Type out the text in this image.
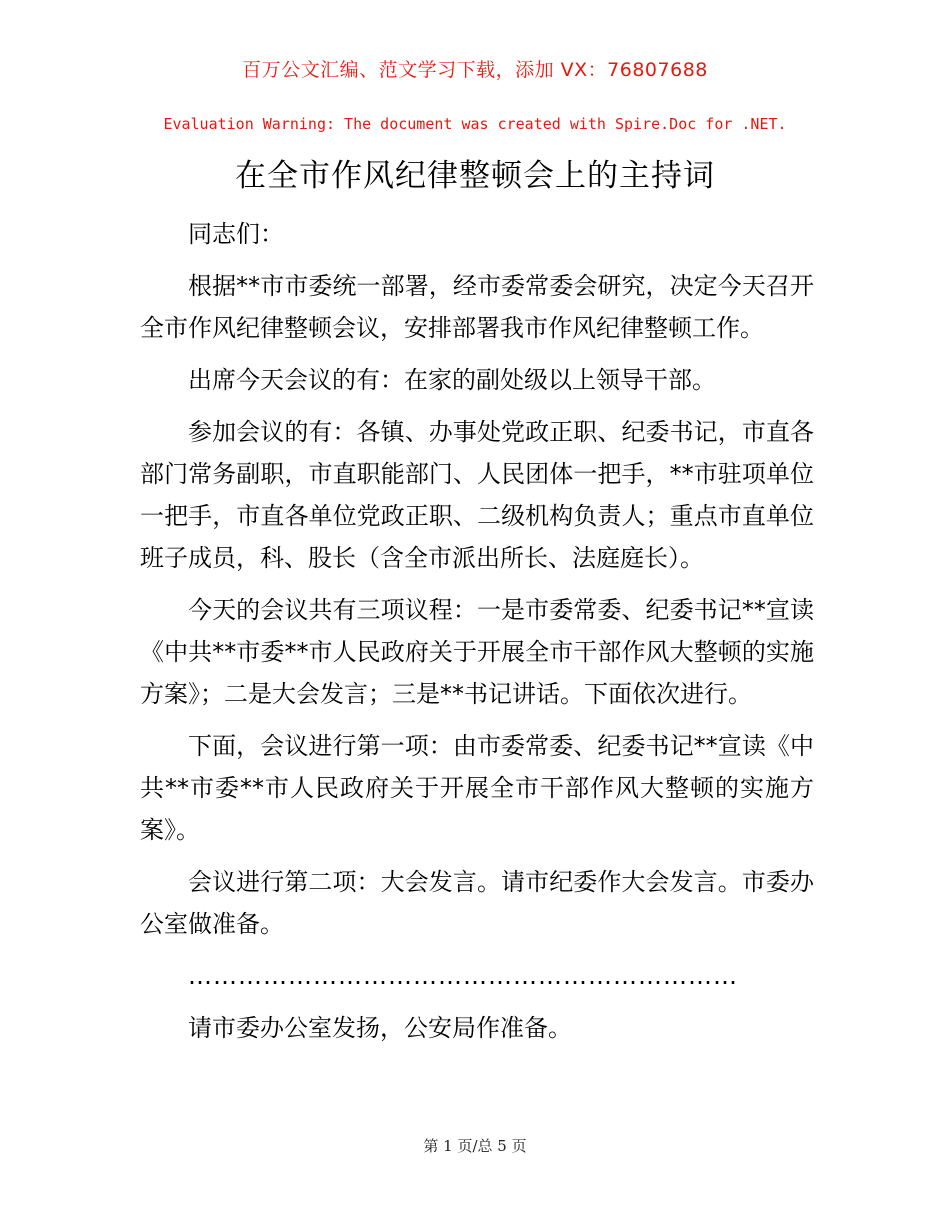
百万公文汇编、范文学习下载，添加 VX：76807688
Evaluation Warning: The document was created with Spire.Doc for .NET.
在全市作风纪律整顿会上的主持词

同志们：

根据**市市委统一部署，经市委常委会研究，决定今天召开全市作风纪律整顿会议，安排部署我市作风纪律整顿工作。

出席今天会议的有：在家的副处级以上领导干部。

参加会议的有：各镇、办事处党政正职、纪委书记，市直各部门常务副职，市直职能部门、人民团体一把手，**市驻项单位一把手，市直各单位党政正职、二级机构负责人；重点市直单位班子成员，科、股长（含全市派出所长、法庭庭长）。

今天的会议共有三项议程：一是市委常委、纪委书记**宣读《中共**市委**市人民政府关于开展全市干部作风大整顿的实施方案》；二是大会发言；三是**书记讲话。下面依次进行。

下面，会议进行第一项：由市委常委、纪委书记**宣读《中共**市委**市人民政府关于开展全市干部作风大整顿的实施方案》。

会议进行第二项：大会发言。请市纪委作大会发言。市委办公室做准备。

…………………………………………………………

请市委办公室发扬，公安局作准备。

第 1 页/总 5 页
